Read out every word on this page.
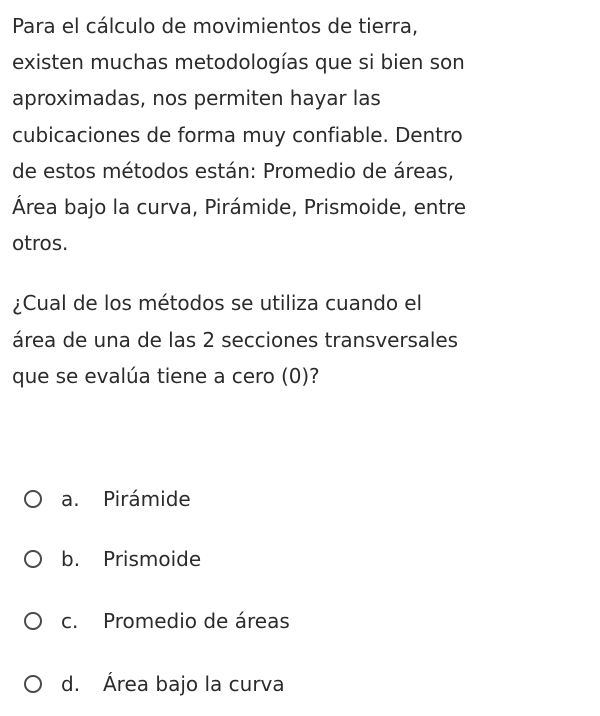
Para el cálculo de movimientos de tierra,
existen muchas metodologías que si bien son
aproximadas, nos permiten hayar las
cubicaciones de forma muy confiable. Dentro
de estos métodos están: Promedio de áreas,
Área bajo la curva, Pirámide, Prismoide, entre
otros.

¿Cual de los métodos se utiliza cuando el
área de una de las 2 secciones transversales
que se evalúa tiene a cero (0)?

a. Pirámide
b. Prismoide
c. Promedio de áreas
d. Área bajo la curva
